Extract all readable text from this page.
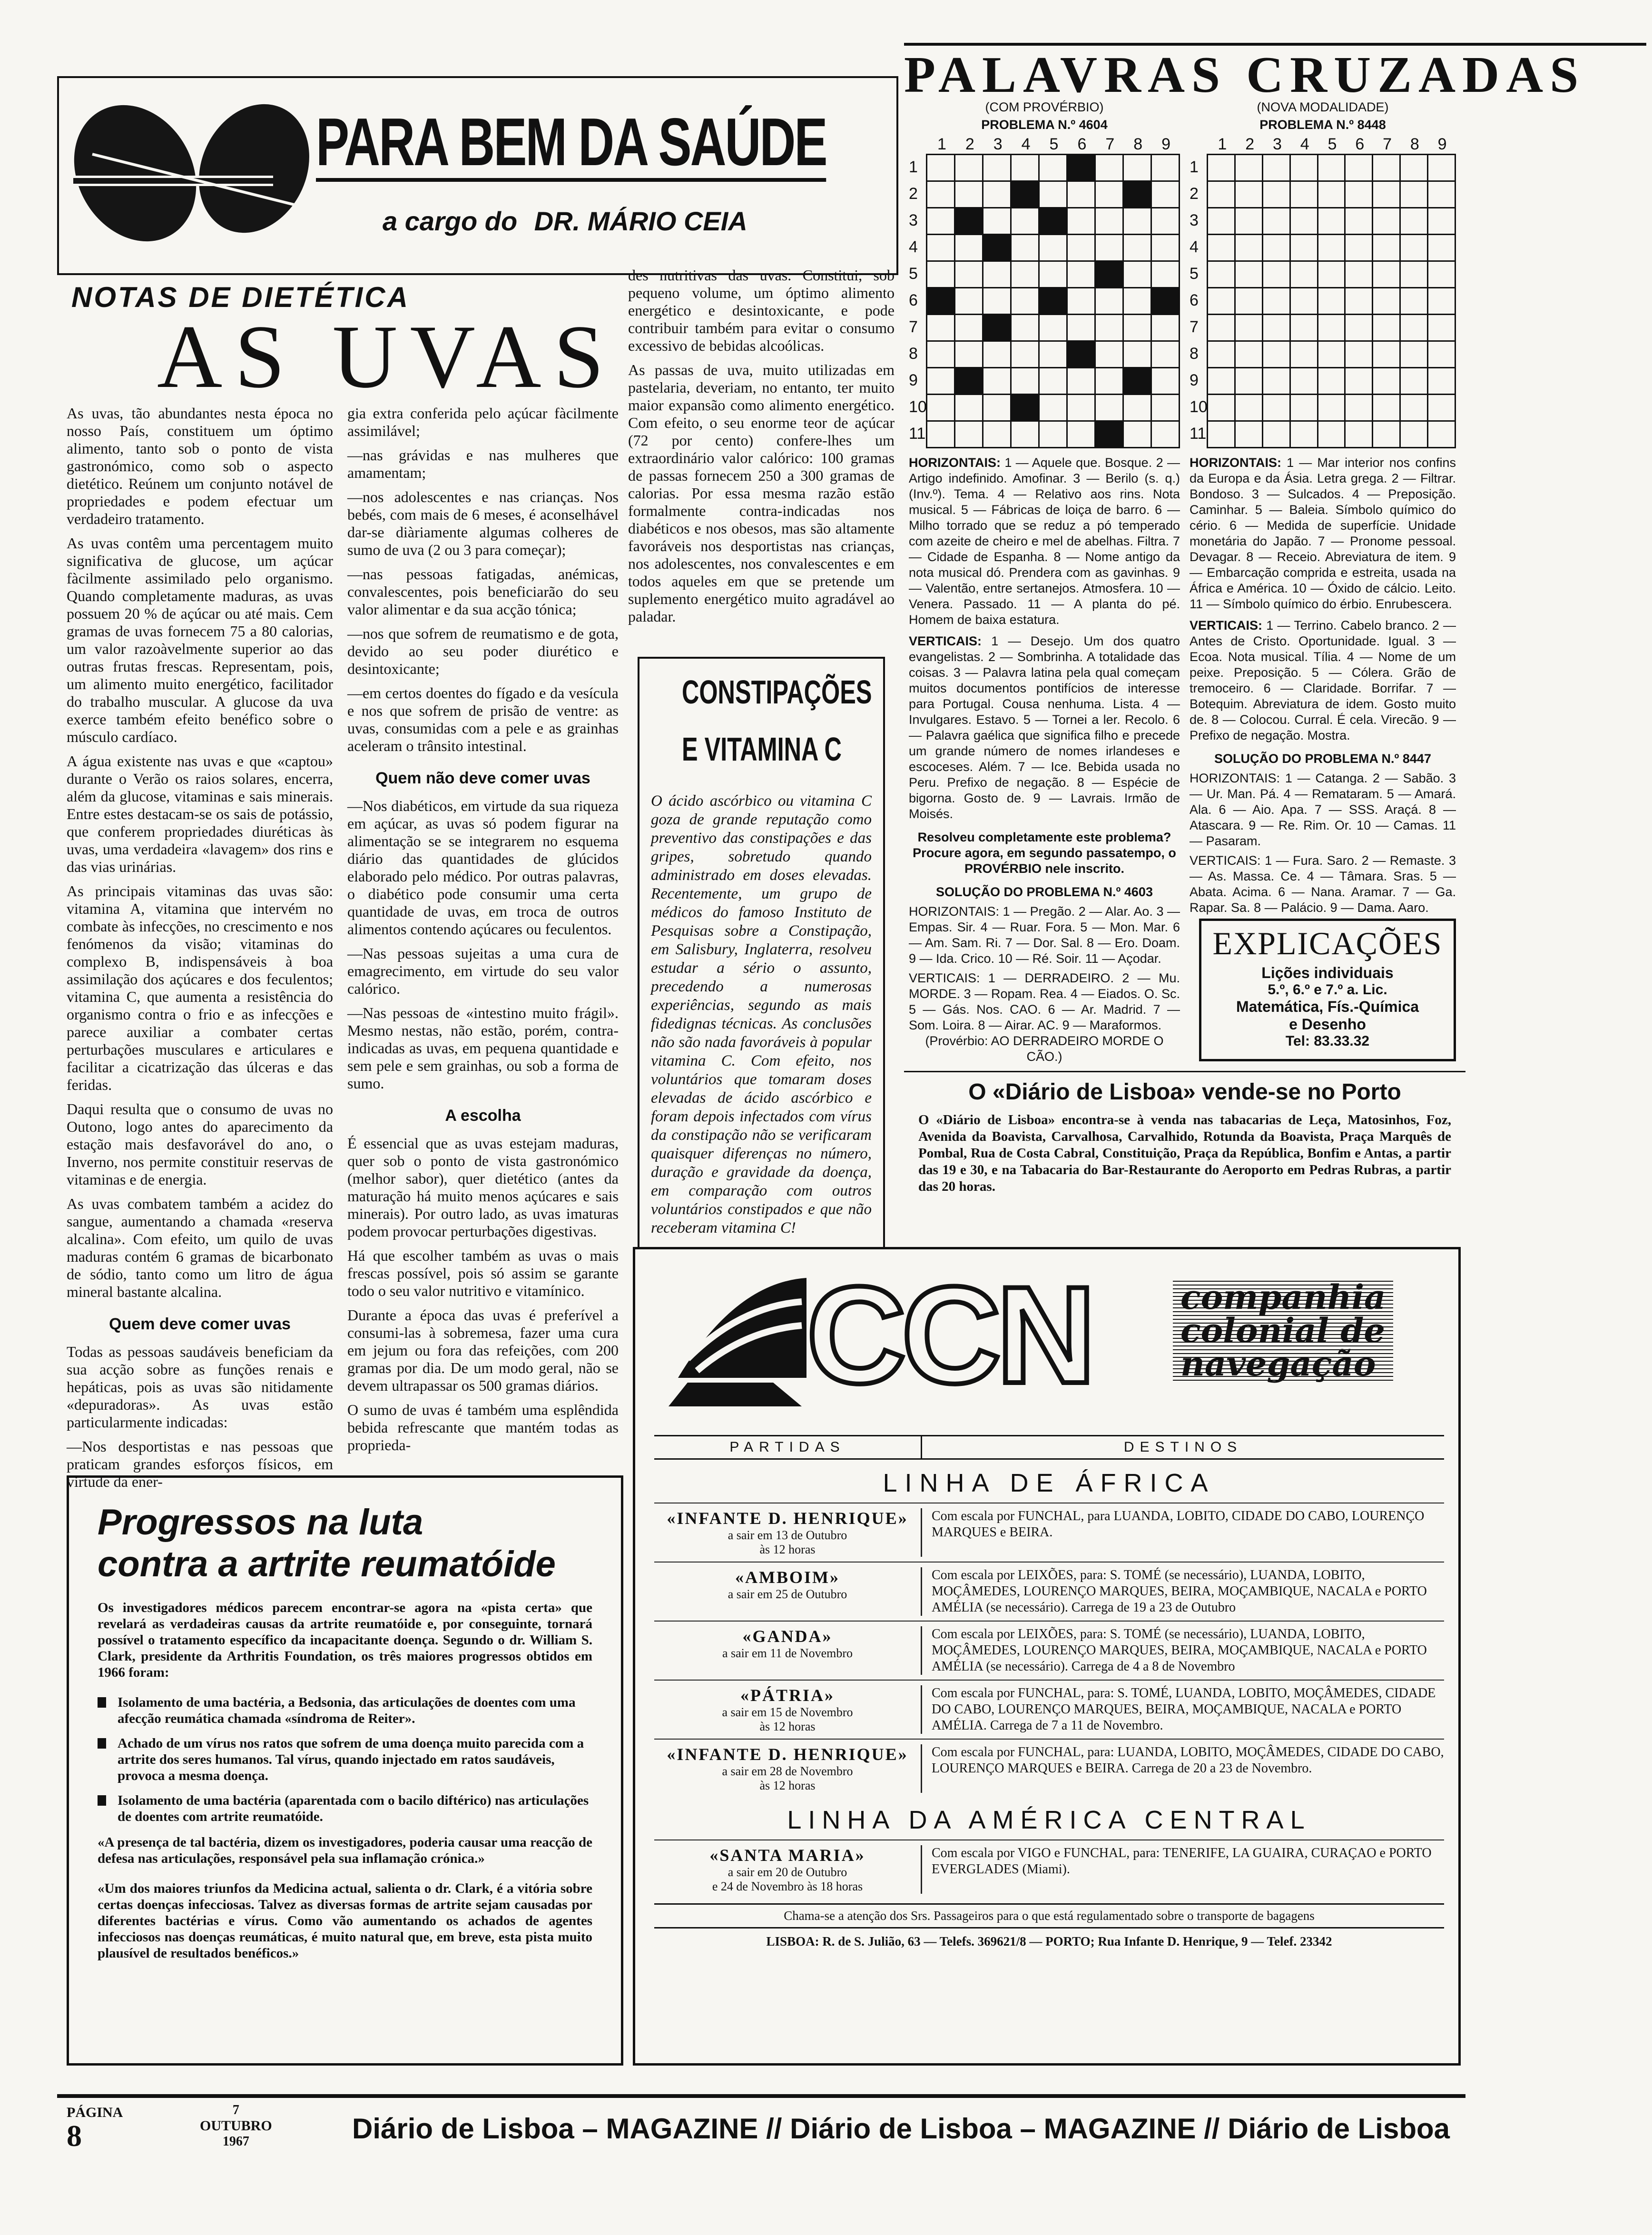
PARA BEM DA SAÚDE
a cargo do DR. MÁRIO CEIA
NOTAS DE DIETÉTICA
AS UVAS

As uvas, tão abundantes nesta época no nosso País, constituem um óptimo alimento, tanto sob o ponto de vista gastronómico, como sob o aspecto dietético. Reúnem um conjunto notável de propriedades e podem efectuar um verdadeiro tratamento.

As uvas contêm uma percentagem muito significativa de glucose, um açúcar fàcilmente assimilado pelo organismo. Quando completamente maduras, as uvas possuem 20 % de açúcar ou até mais. Cem gramas de uvas fornecem 75 a 80 calorias, um valor razoàvelmente superior ao das outras frutas frescas. Representam, pois, um alimento muito energético, facilitador do trabalho muscular. A glucose da uva exerce também efeito benéfico sobre o músculo cardíaco.

A água existente nas uvas e que «captou» durante o Verão os raios solares, encerra, além da glucose, vitaminas e sais minerais. Entre estes destacam-se os sais de potássio, que conferem propriedades diuréticas às uvas, uma verdadeira «lavagem» dos rins e das vias urinárias.

As principais vitaminas das uvas são: vitamina A, vitamina que intervém no combate às infecções, no crescimento e nos fenómenos da visão; vitaminas do complexo B, indispensáveis à boa assimilação dos açúcares e dos feculentos; vitamina C, que aumenta a resistência do organismo contra o frio e as infecções e parece auxiliar a combater certas perturbações musculares e articulares e facilitar a cicatrização das úlceras e das feridas.

Daqui resulta que o consumo de uvas no Outono, logo antes do aparecimento da estação mais desfavorável do ano, o Inverno, nos permite constituir reservas de vitaminas e de energia.

As uvas combatem também a acidez do sangue, aumentando a chamada «reserva alcalina». Com efeito, um quilo de uvas maduras contém 6 gramas de bicarbonato de sódio, tanto como um litro de água mineral bastante alcalina.

Quem deve comer uvas

Todas as pessoas saudáveis beneficiam da sua acção sobre as funções renais e hepáticas, pois as uvas são nitidamente «depuradoras». As uvas estão particularmente indicadas:

—Nos desportistas e nas pessoas que praticam grandes esforços físicos, em virtude da ener-

gia extra conferida pelo açúcar fàcilmente assimilável;

—nas grávidas e nas mulheres que amamentam;

—nos adolescentes e nas crianças. Nos bebés, com mais de 6 meses, é aconselhável dar-se diàriamente algumas colheres de sumo de uva (2 ou 3 para começar);

—nas pessoas fatigadas, anémicas, convalescentes, pois beneficiarão do seu valor alimentar e da sua acção tónica;

—nos que sofrem de reumatismo e de gota, devido ao seu poder diurético e desintoxicante;

—em certos doentes do fígado e da vesícula e nos que sofrem de prisão de ventre: as uvas, consumidas com a pele e as grainhas aceleram o trânsito intestinal.

Quem não deve comer uvas

—Nos diabéticos, em virtude da sua riqueza em açúcar, as uvas só podem figurar na alimentação se se integrarem no esquema diário das quantidades de glúcidos elaborado pelo médico. Por outras palavras, o diabético pode consumir uma certa quantidade de uvas, em troca de outros alimentos contendo açúcares ou feculentos.

—Nas pessoas sujeitas a uma cura de emagrecimento, em virtude do seu valor calórico.

—Nas pessoas de «intestino muito frágil». Mesmo nestas, não estão, porém, contra-indicadas as uvas, em pequena quantidade e sem pele e sem grainhas, ou sob a forma de sumo.

A escolha

É essencial que as uvas estejam maduras, quer sob o ponto de vista gastronómico (melhor sabor), quer dietético (antes da maturação há muito menos açúcares e sais minerais). Por outro lado, as uvas imaturas podem provocar perturbações digestivas.

Há que escolher também as uvas o mais frescas possível, pois só assim se garante todo o seu valor nutritivo e vitamínico.

Durante a época das uvas é preferível a consumi-las à sobremesa, fazer uma cura em jejum ou fora das refeições, com 200 gramas por dia. De um modo geral, não se devem ultrapassar os 500 gramas diários.

O sumo de uvas é também uma esplêndida bebida refrescante que mantém todas as proprieda-

des nutritivas das uvas. Constitui, sob pequeno volume, um óptimo alimento energético e desintoxicante, e pode contribuir também para evitar o consumo excessivo de bebidas alcoólicas.

As passas de uva, muito utilizadas em pastelaria, deveriam, no entanto, ter muito maior expansão como alimento energético. Com efeito, o seu enorme teor de açúcar (72 por cento) confere-lhes um extraordinário valor calórico: 100 gramas de passas fornecem 250 a 300 gramas de calorias. Por essa mesma razão estão formalmente contra-indicadas nos diabéticos e nos obesos, mas são altamente favoráveis nos desportistas nas crianças, nos adolescentes, nos convalescentes e em todos aqueles em que se pretende um suplemento energético muito agradável ao paladar.

CONSTIPAÇÕES
E VITAMINA C

O ácido ascórbico ou vitamina C goza de grande reputação como preventivo das constipações e das gripes, sobretudo quando administrado em doses elevadas. Recentemente, um grupo de médicos do famoso Instituto de Pesquisas sobre a Constipação, em Salisbury, Inglaterra, resolveu estudar a sério o assunto, precedendo a numerosas experiências, segundo as mais fidedignas técnicas. As conclusões não são nada favoráveis à popular vitamina C. Com efeito, nos voluntários que tomaram doses elevadas de ácido ascórbico e foram depois infectados com vírus da constipação não se verificaram quaisquer diferenças no número, duração e gravidade da doença, em comparação com outros voluntários constipados e que não receberam vitamina C!

PALAVRAS CRUZADAS
(COM PROVÉRBIO)
PROBLEMA N.º 4604
1	2	3	4	5	6	7	8	9
1
2
3
4
5
6
7
8
9
10
11

HORIZONTAIS: 1 — Aquele que. Bosque. 2 — Artigo indefinido. Amofinar. 3 — Berilo (s. q.) (Inv.º). Tema. 4 — Relativo aos rins. Nota musical. 5 — Fábricas de loiça de barro. 6 — Milho torrado que se reduz a pó temperado com azeite de cheiro e mel de abelhas. Filtra. 7 — Cidade de Espanha. 8 — Nome antigo da nota musical dó. Prendera com as gavinhas. 9 — Valentão, entre sertanejos. Atmosfera. 10 — Venera. Passado. 11 — A planta do pé. Homem de baixa estatura.
VERTICAIS: 1 — Desejo. Um dos quatro evangelistas. 2 — Sombrinha. A totalidade das coisas. 3 — Palavra latina pela qual começam muitos documentos pontifícios de interesse para Portugal. Cousa nenhuma. Lista. 4 — Invulgares. Estavo. 5 — Tornei a ler. Recolo. 6 — Palavra gaélica que significa filho e precede um grande número de nomes irlandeses e escoceses. Além. 7 — Ice. Bebida usada no Peru. Prefixo de negação. 8 — Espécie de bigorna. Gosto de. 9 — Lavrais. Irmão de Moisés.
Resolveu completamente este problema?
Procure agora, em segundo passatempo, o PROVÉRBIO nele inscrito.
SOLUÇÃO DO PROBLEMA N.º 4603
HORIZONTAIS: 1 — Pregão. 2 — Alar. Ao. 3 — Empas. Sir. 4 — Ruar. Fora. 5 — Mon. Mar. 6 — Am. Sam. Ri. 7 — Dor. Sal. 8 — Ero. Doam. 9 — Ida. Crico. 10 — Ré. Soir. 11 — Açodar.
VERTICAIS: 1 — DERRADEIRO. 2 — Mu. MORDE. 3 — Ropam. Rea. 4 — Eiados. O. Sc. 5 — Gás. Nos. CAO. 6 — Ar. Madrid. 7 — Som. Loira. 8 — Airar. AC. 9 — Maraformos.
(Provérbio: AO DERRADEIRO MORDE O CÃO.)
(NOVA MODALIDADE)
PROBLEMA N.º 8448
1	2	3	4	5	6	7	8	9
1
2
3
4
5
6
7
8
9
10
11

HORIZONTAIS: 1 — Mar interior nos confins da Europa e da Ásia. Letra grega. 2 — Filtrar. Bondoso. 3 — Sulcados. 4 — Preposição. Caminhar. 5 — Baleia. Símbolo químico do cério. 6 — Medida de superfície. Unidade monetária do Japão. 7 — Pronome pessoal. Devagar. 8 — Receio. Abreviatura de item. 9 — Embarcação comprida e estreita, usada na África e América. 10 — Óxido de cálcio. Leito. 11 — Símbolo químico do érbio. Enrubescera.
VERTICAIS: 1 — Terrino. Cabelo branco. 2 — Antes de Cristo. Oportunidade. Igual. 3 — Ecoa. Nota musical. Tília. 4 — Nome de um peixe. Preposição. 5 — Cólera. Grão de tremoceiro. 6 — Claridade. Borrifar. 7 — Botequim. Abreviatura de idem. Gosto muito de. 8 — Colocou. Curral. É cela. Virecão. 9 — Prefixo de negação. Mostra.
SOLUÇÃO DO PROBLEMA N.º 8447
HORIZONTAIS: 1 — Catanga. 2 — Sabão. 3 — Ur. Man. Pá. 4 — Remataram. 5 — Amará. Ala. 6 — Aio. Apa. 7 — SSS. Araçá. 8 — Atascara. 9 — Re. Rim. Or. 10 — Camas. 11 — Pasaram.
VERTICAIS: 1 — Fura. Saro. 2 — Remaste. 3 — As. Massa. Ce. 4 — Tâmara. Sras. 5 — Abata. Acima. 6 — Nana. Aramar. 7 — Ga. Rapar. Sa. 8 — Palácio. 9 — Dama. Aaro.
EXPLICAÇÕES
Lições individuais
5.º, 6.º e 7.º a. Lic.
Matemática, Fís.-Química
e Desenho
Tel: 83.33.32
O «Diário de Lisboa» vende-se no Porto

O «Diário de Lisboa» encontra-se à venda nas tabacarias de Leça, Matosinhos, Foz, Avenida da Boavista, Carvalhosa, Carvalhido, Rotunda da Boavista, Praça Marquês de Pombal, Rua de Costa Cabral, Constituição, Praça da República, Bonfim e Antas, a partir das 19 e 30, e na Tabacaria do Bar-Restaurante do Aeroporto em Pedras Rubras, a partir das 20 horas.

CCN	companhia
colonial de
navegação
PARTIDAS	DESTINOS
LINHA DE ÁFRICA
«INFANTE D. HENRIQUE»
a sair em 13 de Outubro
às 12 horas
Com escala por FUNCHAL, para LUANDA, LOBITO, CIDADE DO CABO, LOURENÇO MARQUES e BEIRA.
«AMBOIM»
a sair em 25 de Outubro
Com escala por LEIXÕES, para: S. TOMÉ (se necessário), LUANDA, LOBITO, MOÇÂMEDES, LOURENÇO MARQUES, BEIRA, MOÇAMBIQUE, NACALA e PORTO AMÉLIA (se necessário). Carrega de 19 a 23 de Outubro
«GANDA»
a sair em 11 de Novembro
Com escala por LEIXÕES, para: S. TOMÉ (se necessário), LUANDA, LOBITO, MOÇÂMEDES, LOURENÇO MARQUES, BEIRA, MOÇAMBIQUE, NACALA e PORTO AMÉLIA (se necessário). Carrega de 4 a 8 de Novembro
«PÁTRIA»
a sair em 15 de Novembro
às 12 horas
Com escala por FUNCHAL, para: S. TOMÉ, LUANDA, LOBITO, MOÇÂMEDES, CIDADE DO CABO, LOURENÇO MARQUES, BEIRA, MOÇAMBIQUE, NACALA e PORTO AMÉLIA. Carrega de 7 a 11 de Novembro.
«INFANTE D. HENRIQUE»
a sair em 28 de Novembro
às 12 horas
Com escala por FUNCHAL, para: LUANDA, LOBITO, MOÇÂMEDES, CIDADE DO CABO, LOURENÇO MARQUES e BEIRA. Carrega de 20 a 23 de Novembro.
LINHA DA AMÉRICA CENTRAL
«SANTA MARIA»
a sair em 20 de Outubro
e 24 de Novembro às 18 horas
Com escala por VIGO e FUNCHAL, para: TENERIFE, LA GUAIRA, CURAÇAO e PORTO EVERGLADES (Miami).
Chama-se a atenção dos Srs. Passageiros para o que está regulamentado sobre o transporte de bagagens
LISBOA: R. de S. Julião, 63 — Telefs. 369621/8 — PORTO; Rua Infante D. Henrique, 9 — Telef. 23342
Progressos na luta
contra a artrite reumatóide

Os investigadores médicos parecem encontrar-se agora na «pista certa» que revelará as verdadeiras causas da artrite reumatóide e, por conseguinte, tornará possível o tratamento específico da incapacitante doença. Segundo o dr. William S. Clark, presidente da Arthritis Foundation, os três maiores progressos obtidos em 1966 foram:

Isolamento de uma bactéria, a Bedsonia, das articulações de doentes com uma afecção reumática chamada «síndroma de Reiter».
Achado de um vírus nos ratos que sofrem de uma doença muito parecida com a artrite dos seres humanos. Tal vírus, quando injectado em ratos saudáveis, provoca a mesma doença.
Isolamento de uma bactéria (aparentada com o bacilo diftérico) nas articulações de doentes com artrite reumatóide.

«A presença de tal bactéria, dizem os investigadores, poderia causar uma reacção de defesa nas articulações, responsável pela sua inflamação crónica.»

«Um dos maiores triunfos da Medicina actual, salienta o dr. Clark, é a vitória sobre certas doenças infecciosas. Talvez as diversas formas de artrite sejam causadas por diferentes bactérias e vírus. Como vão aumentando os achados de agentes infecciosos nas doenças reumáticas, é muito natural que, em breve, esta pista muito plausível de resultados benéficos.»

PÁGINA
8
7
OUTUBRO
1967	Diário de Lisboa – MAGAZINE // Diário de Lisboa – MAGAZINE // Diário de Lisboa
